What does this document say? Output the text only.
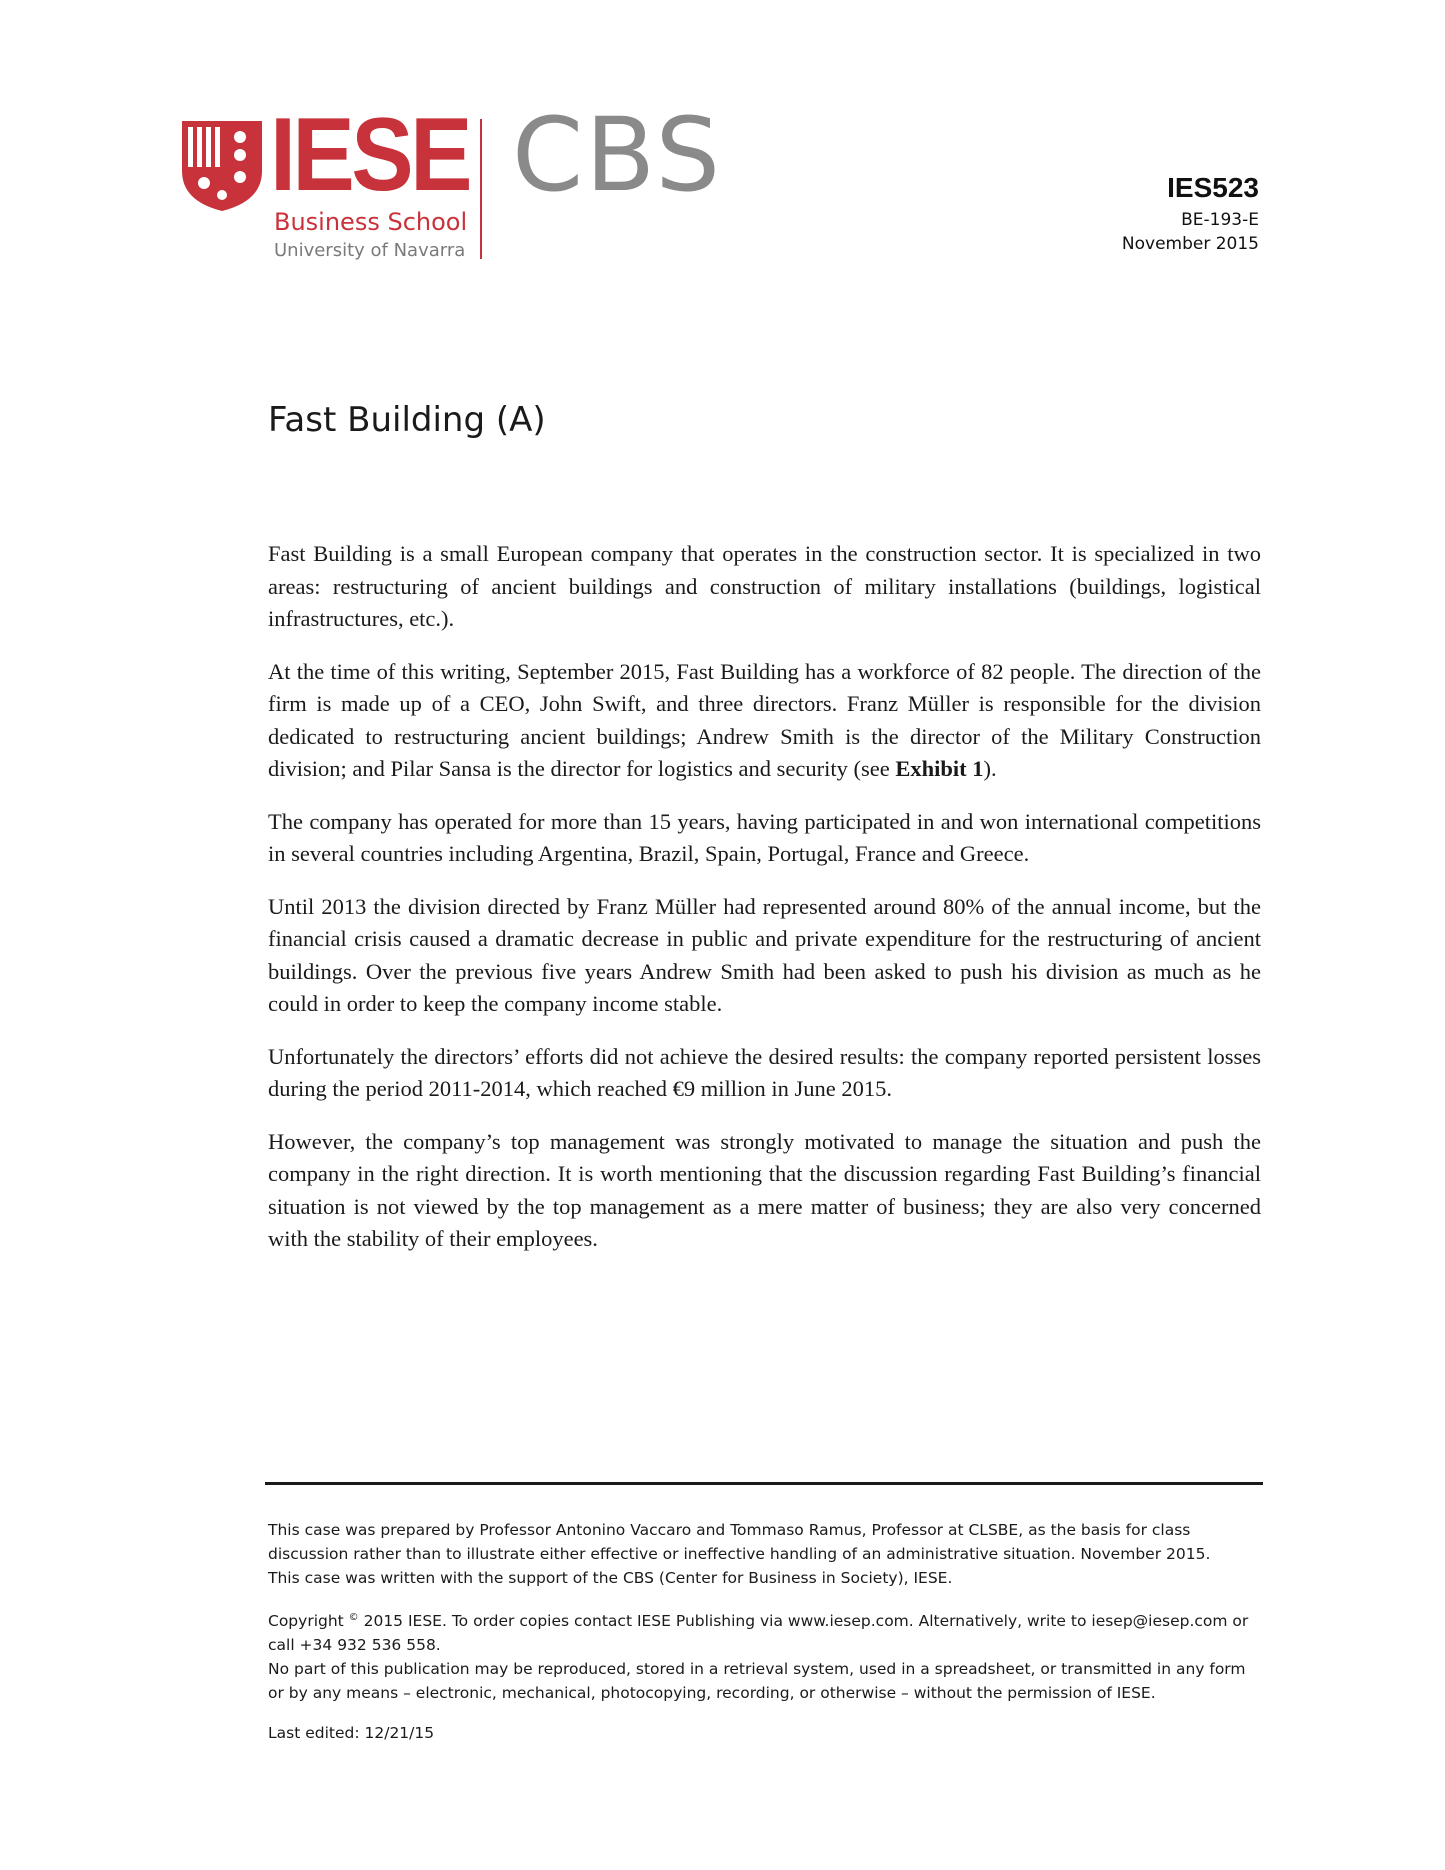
IESE
Business School
University of Navarra
CBS	IES523
BE-193-E
November 2015
Fast Building (A)

Fast Building is a small European company that operates in the construction sector. It is specialized in two areas: restructuring of ancient buildings and construction of military installations (buildings, logistical infrastructures, etc.).

At the time of this writing, September 2015, Fast Building has a workforce of 82 people. The direction of the firm is made up of a CEO, John Swift, and three directors. Franz Müller is responsible for the division dedicated to restructuring ancient buildings; Andrew Smith is the director of the Military Construction division; and Pilar Sansa is the director for logistics and security (see Exhibit 1).

The company has operated for more than 15 years, having participated in and won international competitions in several countries including Argentina, Brazil, Spain, Portugal, France and Greece.

Until 2013 the division directed by Franz Müller had represented around 80% of the annual income, but the financial crisis caused a dramatic decrease in public and private expenditure for the restructuring of ancient buildings. Over the previous five years Andrew Smith had been asked to push his division as much as he could in order to keep the company income stable.

Unfortunately the directors’ efforts did not achieve the desired results: the company reported persistent losses during the period 2011-2014, which reached €9 million in June 2015.

However, the company’s top management was strongly motivated to manage the situation and push the company in the right direction. It is worth mentioning that the discussion regarding Fast Building’s financial situation is not viewed by the top management as a mere matter of business; they are also very concerned with the stability of their employees.

This case was prepared by Professor Antonino Vaccaro and Tommaso Ramus, Professor at CLSBE, as the basis for class discussion rather than to illustrate either effective or ineffective handling of an administrative situation. November 2015.

This case was written with the support of the CBS (Center for Business in Society), IESE.

Copyright © 2015 IESE. To order copies contact IESE Publishing via www.iesep.com. Alternatively, write to iesep@iesep.com or call +34 932 536 558.

No part of this publication may be reproduced, stored in a retrieval system, used in a spreadsheet, or transmitted in any form or by any means – electronic, mechanical, photocopying, recording, or otherwise – without the permission of IESE.

Last edited: 12/21/15
